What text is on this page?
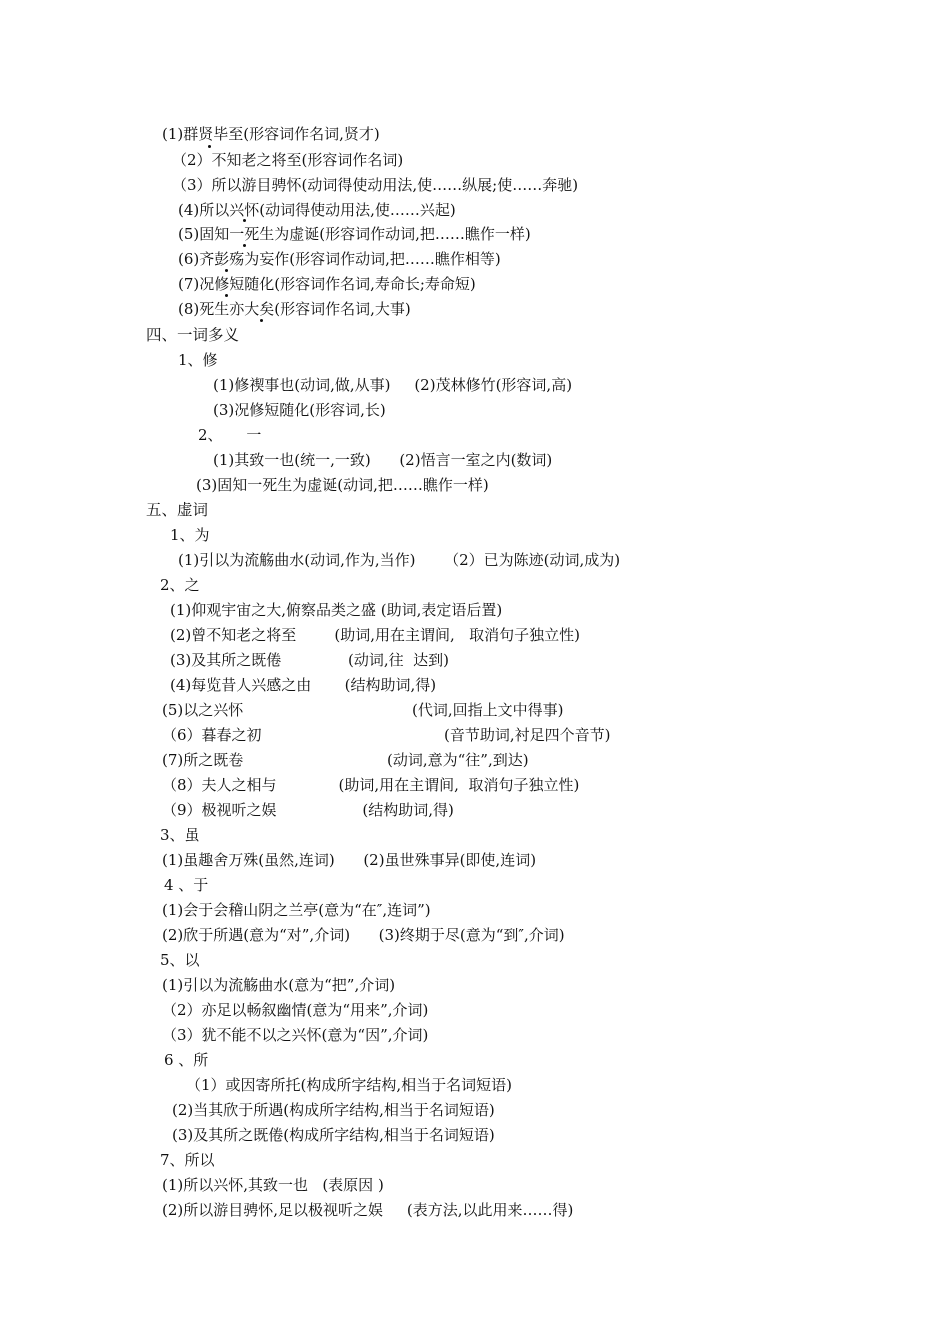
(1)群贤毕至(形容词作名词,贤才)
（2）不知老之将至(形容词作名词)
（3）所以游目骋怀(动词得使动用法,使……纵展;使……奔驰)
(4)所以兴怀(动词得使动用法,使……兴起)
(5)固知一死生为虚诞(形容词作动词,把……瞧作一样)
(6)齐彭殇为妄作(形容词作动词,把……瞧作相等)
(7)况修短随化(形容词作名词,寿命长;寿命短)
(8)死生亦大矣(形容词作名词,大事)
四、一词多义
1、修
(1)修禊事也(动词,做,从事)     (2)茂林修竹(形容词,高)
(3)况修短随化(形容词,长)
2、     一
(1)其致一也(统一,一致)      (2)悟言一室之内(数词)
(3)固知一死生为虚诞(动词,把……瞧作一样)
五、虚词
1、为
(1)引以为流觞曲水(动词,作为,当作)      （2）已为陈迹(动词,成为)
2、之
(1)仰观宇宙之大,俯察品类之盛 (助词,表定语后置)
(2)曾不知老之将至        (助词,用在主谓间,   取消句子独立性)
(3)及其所之既倦              (动词,往  达到)
(4)每览昔人兴感之由       (结构助词,得)
(5)以之兴怀	(代词,回指上文中得事)
（6）暮春之初	(音节助词,衬足四个音节)
(7)所之既卷	(动词,意为“往”,到达)
（8）夫人之相与             (助词,用在主谓间,  取消句子独立性)
（9）极视听之娱                  (结构助词,得)
3、虽
(1)虽趣舍万殊(虽然,连词)      (2)虽世殊事异(即使,连词)
4 、于
(1)会于会稽山阴之兰亭(意为“在″,连词”)
(2)欣于所遇(意为“对”,介词)      (3)终期于尽(意为“到″,介词)
5、以
(1)引以为流觞曲水(意为“把”,介词)
（2）亦足以畅叙幽情(意为“用来”,介词)
（3）犹不能不以之兴怀(意为“因”,介词)
6 、所
（1）或因寄所托(构成所字结构,相当于名词短语)
(2)当其欣于所遇(构成所字结构,相当于名词短语)
(3)及其所之既倦(构成所字结构,相当于名词短语)
7、所以
(1)所以兴怀,其致一也   (表原因 )
(2)所以游目骋怀,足以极视听之娱     (表方法,以此用来……得)
